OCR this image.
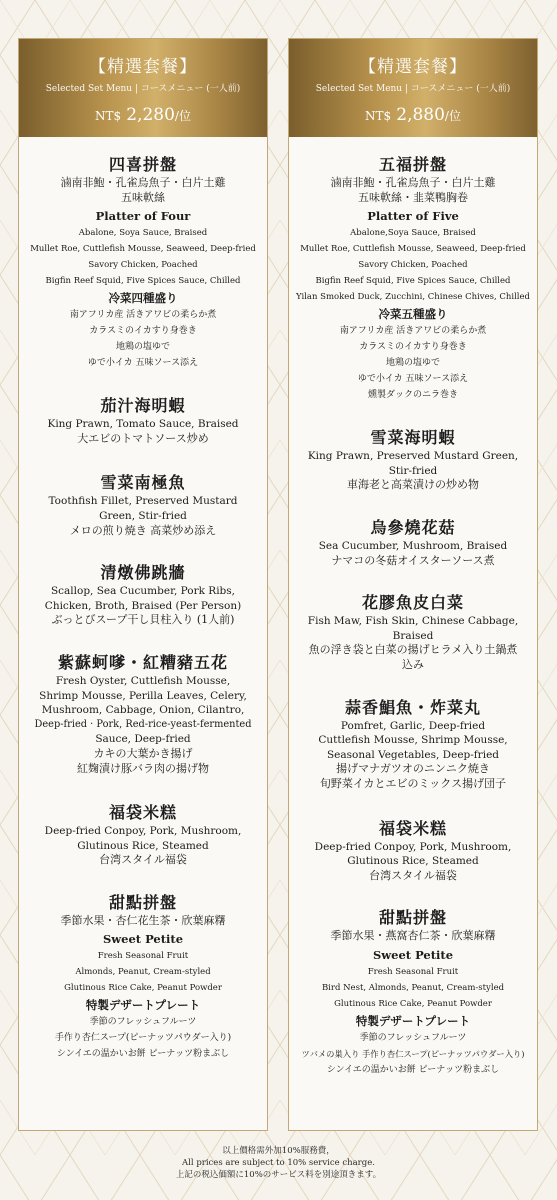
【精選套餐】
Selected Set Menu | コースメニュー (一人前)
NT$ 2,280/位
四喜拼盤
滷南非鮑・孔雀烏魚子・白片土雞
五味軟絲
Platter of Four
Abalone, Soya Sauce, Braised
Mullet Roe, Cuttlefish Mousse, Seaweed, Deep-fried
Savory Chicken, Poached
Bigfin Reef Squid, Five Spices Sauce, Chilled
冷菜四種盛り
南アフリカ産 活きアワビの柔らか煮
カラスミのイカすり身巻き
地鶏の塩ゆで
ゆで小イカ 五味ソース添え
茄汁海明蝦
King Prawn, Tomato Sauce, Braised
大エビのトマトソース炒め
雪菜南極魚
Toothfish Fillet, Preserved Mustard
Green, Stir-fried
メロの煎り焼き 高菜炒め添え
清燉佛跳牆
Scallop, Sea Cucumber, Pork Ribs,
Chicken, Broth, Braised (Per Person)
ぶっとびスープ干し貝柱入り (1人前)
紫蘇蚵嗲・紅糟豬五花
Fresh Oyster, Cuttlefish Mousse,
Shrimp Mousse, Perilla Leaves, Celery,
Mushroom, Cabbage, Onion, Cilantro,
Deep-fried · Pork, Red-rice-yeast-fermented
Sauce, Deep-fried
カキの大葉かき揚げ
紅麹漬け豚バラ肉の揚げ物
福袋米糕
Deep-fried Conpoy, Pork, Mushroom,
Glutinous Rice, Steamed
台湾スタイル福袋
甜點拼盤
季節水果・杏仁花生茶・欣葉麻糬
Sweet Petite
Fresh Seasonal Fruit
Almonds, Peanut, Cream-styled
Glutinous Rice Cake, Peanut Powder
特製デザートプレート
季節のフレッシュフルーツ
手作り杏仁スープ(ピーナッツパウダー入り)
シンイエの温かいお餅 ピーナッツ粉まぶし
【精選套餐】
Selected Set Menu | コースメニュー (一人前)
NT$ 2,880/位
五福拼盤
滷南非鮑・孔雀烏魚子・白片土雞
五味軟絲・韭菜鴨胸卷
Platter of Five
Abalone,Soya Sauce, Braised
Mullet Roe, Cuttlefish Mousse, Seaweed, Deep-fried
Savory Chicken, Poached
Bigfin Reef Squid, Five Spices Sauce, Chilled
Yilan Smoked Duck, Zucchini, Chinese Chives, Chilled
冷菜五種盛り
南アフリカ産 活きアワビの柔らか煮
カラスミのイカすり身巻き
地鶏の塩ゆで
ゆで小イカ 五味ソース添え
燻製ダックのニラ巻き
雪菜海明蝦
King Prawn, Preserved Mustard Green,
Stir-fried
車海老と高菜漬けの炒め物
烏參燒花菇
Sea Cucumber, Mushroom, Braised
ナマコの冬菇オイスターソース煮
花膠魚皮白菜
Fish Maw, Fish Skin, Chinese Cabbage,
Braised
魚の浮き袋と白菜の揚げヒラメ入り土鍋煮
込み
蒜香鯧魚・炸菜丸
Pomfret, Garlic, Deep-fried
Cuttlefish Mousse, Shrimp Mousse,
Seasonal Vegetables, Deep-fried
揚げマナガツオのニンニク焼き
旬野菜イカとエビのミックス揚げ団子
福袋米糕
Deep-fried Conpoy, Pork, Mushroom,
Glutinous Rice, Steamed
台湾スタイル福袋
甜點拼盤
季節水果・燕窩杏仁茶・欣葉麻糬
Sweet Petite
Fresh Seasonal Fruit
Bird Nest, Almonds, Peanut, Cream-styled
Glutinous Rice Cake, Peanut Powder
特製デザートプレート
季節のフレッシュフルーツ
ツバメの巣入り 手作り杏仁スープ(ピーナッツパウダー入り)
シンイエの温かいお餅 ピーナッツ粉まぶし
以上價格需外加10%服務費，
All prices are subject to 10% service charge.
上記の税込価額に10%のサービス料を別途頂きます。
